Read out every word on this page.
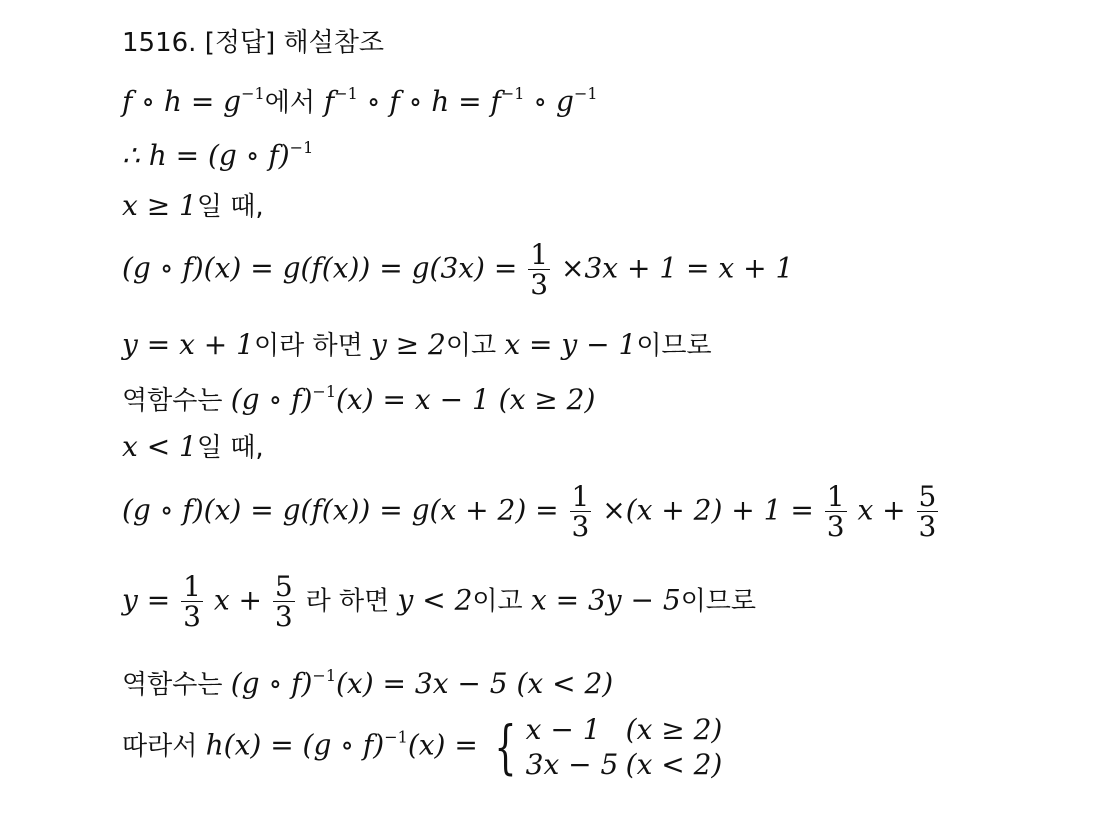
1516. [정답] 해설참조
f ∘ $h = g^{-1}$에서 $f^{-1}$ ∘ f ∘ $h = f^{-1}$ ∘ $g^{-1}$
∴ h = (g ∘ f)$^{-1}$
x ≥ 1일 때,
(g ∘ $f)(x) = g(f(x)) = g(3x) = \frac{1}{3} \times 3x + 1 = x + 1$
y = x + 1이라 하면 y ≥ 2이고 x = y − 1이므로
역함수는 (g ∘ f)$^{-1}$(x) = x − 1 (x ≥ 2)
x < 1일 때,
(g ∘ $f)(x) = g(f(x)) = g(x + 2) = \frac{1}{3} \times(x + 2) + 1 = \frac{1}{3}$ $x + \frac{5}{3}$
$y = \frac{1}{3}$ $x + \frac{5}{3}$ 라 하면 y < 2이고 x = 3y − 5이므로
역함수는 (g ∘ f)$^{-1}$(x) = 3x − 5 (x < 2)
따라서 h(x) = (g ∘ f)$^{-1}$(x) = { x − 1 (x ≥ 2)
3x − 5 (x < 2)
